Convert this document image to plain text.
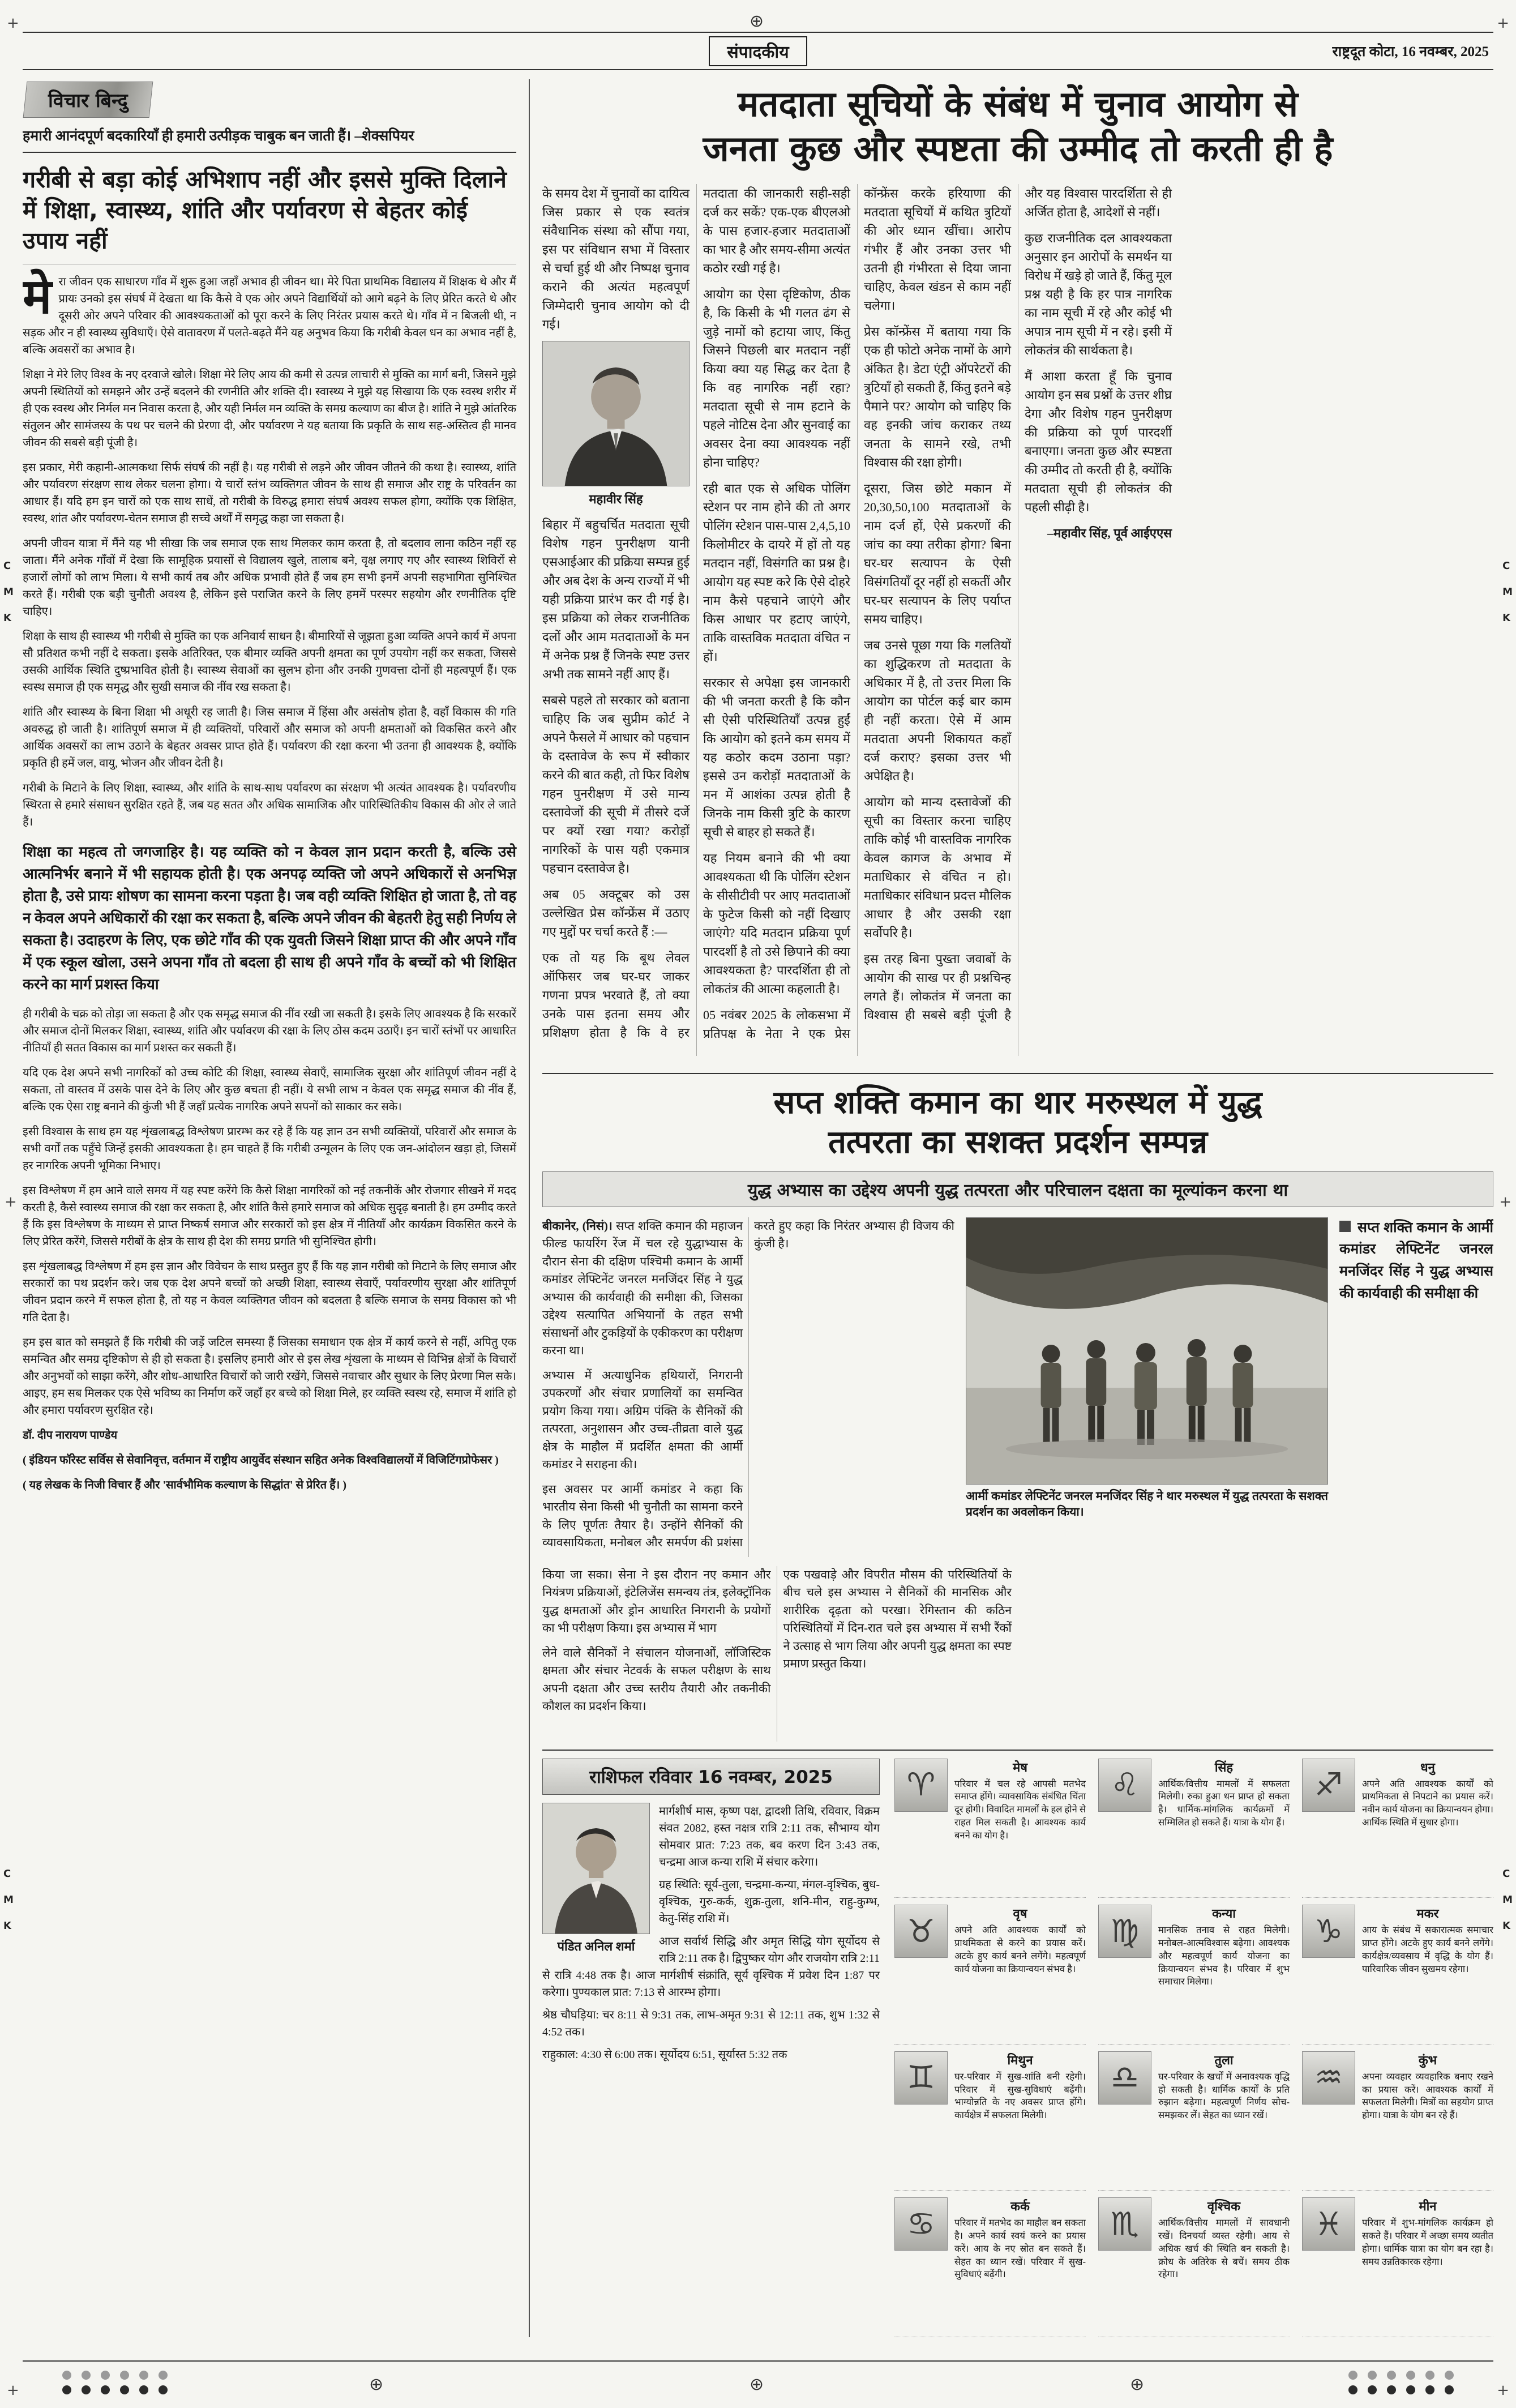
+	+
+	+
+	+
⊕
⊕	⊕	⊕
C
M
K
C
M
K
C
M
K
C
M
K
संपादकीय	राष्ट्रदूत कोटा, 16 नवम्बर, 2025
विचार बिन्दु

हमारी आनंदपूर्ण बदकारियाँ ही हमारी उत्पीड़क चाबुक बन जाती हैं। –शेक्सपियर

गरीबी से बड़ा कोई अभिशाप नहीं और इससे मुक्ति दिलाने में शिक्षा, स्वास्थ्य, शांति और पर्यावरण से बेहतर कोई उपाय नहीं

मेरा जीवन एक साधारण गाँव में शुरू हुआ जहाँ अभाव ही जीवन था। मेरे पिता प्राथमिक विद्यालय में शिक्षक थे और मैं प्रायः उनको इस संघर्ष में देखता था कि कैसे वे एक ओर अपने विद्यार्थियों को आगे बढ़ने के लिए प्रेरित करते थे और दूसरी ओर अपने परिवार की आवश्यकताओं को पूरा करने के लिए निरंतर प्रयास करते थे। गाँव में न बिजली थी, न सड़क और न ही स्वास्थ्य सुविधाएँ। ऐसे वातावरण में पलते-बढ़ते मैंने यह अनुभव किया कि गरीबी केवल धन का अभाव नहीं है, बल्कि अवसरों का अभाव है।

शिक्षा ने मेरे लिए विश्व के नए दरवाजे खोले। शिक्षा मेरे लिए आय की कमी से उत्पन्न लाचारी से मुक्ति का मार्ग बनी, जिसने मुझे अपनी स्थितियों को समझने और उन्हें बदलने की रणनीति और शक्ति दी। स्वास्थ्य ने मुझे यह सिखाया कि एक स्वस्थ शरीर में ही एक स्वस्थ और निर्मल मन निवास करता है, और यही निर्मल मन व्यक्ति के समग्र कल्याण का बीज है। शांति ने मुझे आंतरिक संतुलन और सामंजस्य के पथ पर चलने की प्रेरणा दी, और पर्यावरण ने यह बताया कि प्रकृति के साथ सह-अस्तित्व ही मानव जीवन की सबसे बड़ी पूंजी है।

इस प्रकार, मेरी कहानी-आत्मकथा सिर्फ संघर्ष की नहीं है। यह गरीबी से लड़ने और जीवन जीतने की कथा है। स्वास्थ्य, शांति और पर्यावरण संरक्षण साथ लेकर चलना होगा। ये चारों स्तंभ व्यक्तिगत जीवन के साथ ही समाज और राष्ट्र के परिवर्तन का आधार हैं। यदि हम इन चारों को एक साथ साधें, तो गरीबी के विरुद्ध हमारा संघर्ष अवश्य सफल होगा, क्योंकि एक शिक्षित, स्वस्थ, शांत और पर्यावरण-चेतन समाज ही सच्चे अर्थों में समृद्ध कहा जा सकता है।

अपनी जीवन यात्रा में मैंने यह भी सीखा कि जब समाज एक साथ मिलकर काम करता है, तो बदलाव लाना कठिन नहीं रह जाता। मैंने अनेक गाँवों में देखा कि सामूहिक प्रयासों से विद्यालय खुले, तालाब बने, वृक्ष लगाए गए और स्वास्थ्य शिविरों से हजारों लोगों को लाभ मिला। ये सभी कार्य तब और अधिक प्रभावी होते हैं जब हम सभी इनमें अपनी सहभागिता सुनिश्चित करते हैं। गरीबी एक बड़ी चुनौती अवश्य है, लेकिन इसे पराजित करने के लिए हममें परस्पर सहयोग और रणनीतिक दृष्टि चाहिए।

शिक्षा के साथ ही स्वास्थ्य भी गरीबी से मुक्ति का एक अनिवार्य साधन है। बीमारियों से जूझता हुआ व्यक्ति अपने कार्य में अपना सौ प्रतिशत कभी नहीं दे सकता। इसके अतिरिक्त, एक बीमार व्यक्ति अपनी क्षमता का पूर्ण उपयोग नहीं कर सकता, जिससे उसकी आर्थिक स्थिति दुष्प्रभावित होती है। स्वास्थ्य सेवाओं का सुलभ होना और उनकी गुणवत्ता दोनों ही महत्वपूर्ण हैं। एक स्वस्थ समाज ही एक समृद्ध और सुखी समाज की नींव रख सकता है।

शांति और स्वास्थ्य के बिना शिक्षा भी अधूरी रह जाती है। जिस समाज में हिंसा और असंतोष होता है, वहाँ विकास की गति अवरुद्ध हो जाती है। शांतिपूर्ण समाज में ही व्यक्तियों, परिवारों और समाज को अपनी क्षमताओं को विकसित करने और आर्थिक अवसरों का लाभ उठाने के बेहतर अवसर प्राप्त होते हैं। पर्यावरण की रक्षा करना भी उतना ही आवश्यक है, क्योंकि प्रकृति ही हमें जल, वायु, भोजन और जीवन देती है।

गरीबी के मिटाने के लिए शिक्षा, स्वास्थ्य, और शांति के साथ-साथ पर्यावरण का संरक्षण भी अत्यंत आवश्यक है। पर्यावरणीय स्थिरता से हमारे संसाधन सुरक्षित रहते हैं, जब यह सतत और अधिक सामाजिक और पारिस्थितिकीय विकास की ओर ले जाते हैं।

शिक्षा का महत्व तो जगजाहिर है। यह व्यक्ति को न केवल ज्ञान प्रदान करती है, बल्कि उसे आत्मनिर्भर बनाने में भी सहायक होती है। एक अनपढ़ व्यक्ति जो अपने अधिकारों से अनभिज्ञ होता है, उसे प्रायः शोषण का सामना करना पड़ता है। जब वही व्यक्ति शिक्षित हो जाता है, तो वह न केवल अपने अधिकारों की रक्षा कर सकता है, बल्कि अपने जीवन की बेहतरी हेतु सही निर्णय ले सकता है। उदाहरण के लिए, एक छोटे गाँव की एक युवती जिसने शिक्षा प्राप्त की और अपने गाँव में एक स्कूल खोला, उसने अपना गाँव तो बदला ही साथ ही अपने गाँव के बच्चों को भी शिक्षित करने का मार्ग प्रशस्त किया

ही गरीबी के चक्र को तोड़ा जा सकता है और एक समृद्ध समाज की नींव रखी जा सकती है। इसके लिए आवश्यक है कि सरकारें और समाज दोनों मिलकर शिक्षा, स्वास्थ्य, शांति और पर्यावरण की रक्षा के लिए ठोस कदम उठाएँ। इन चारों स्तंभों पर आधारित नीतियाँ ही सतत विकास का मार्ग प्रशस्त कर सकती हैं।

यदि एक देश अपने सभी नागरिकों को उच्च कोटि की शिक्षा, स्वास्थ्य सेवाएँ, सामाजिक सुरक्षा और शांतिपूर्ण जीवन नहीं दे सकता, तो वास्तव में उसके पास देने के लिए और कुछ बचता ही नहीं। ये सभी लाभ न केवल एक समृद्ध समाज की नींव हैं, बल्कि एक ऐसा राष्ट्र बनाने की कुंजी भी हैं जहाँ प्रत्येक नागरिक अपने सपनों को साकार कर सके।

इसी विश्वास के साथ हम यह शृंखलाबद्ध विश्लेषण प्रारम्भ कर रहे हैं कि यह ज्ञान उन सभी व्यक्तियों, परिवारों और समाज के सभी वर्गों तक पहुँचे जिन्हें इसकी आवश्यकता है। हम चाहते हैं कि गरीबी उन्मूलन के लिए एक जन-आंदोलन खड़ा हो, जिसमें हर नागरिक अपनी भूमिका निभाए।

इस विश्लेषण में हम आने वाले समय में यह स्पष्ट करेंगे कि कैसे शिक्षा नागरिकों को नई तकनीकें और रोजगार सीखने में मदद करती है, कैसे स्वास्थ्य समाज की रक्षा कर सकता है, और शांति कैसे हमारे समाज को अधिक सुदृढ़ बनाती है। हम उम्मीद करते हैं कि इस विश्लेषण के माध्यम से प्राप्त निष्कर्ष समाज और सरकारों को इस क्षेत्र में नीतियाँ और कार्यक्रम विकसित करने के लिए प्रेरित करेंगे, जिससे गरीबों के क्षेत्र के साथ ही देश की समग्र प्रगति भी सुनिश्चित होगी।

इस शृंखलाबद्ध विश्लेषण में हम इस ज्ञान और विवेचन के साथ प्रस्तुत हुए हैं कि यह ज्ञान गरीबी को मिटाने के लिए समाज और सरकारों का पथ प्रदर्शन करे। जब एक देश अपने बच्चों को अच्छी शिक्षा, स्वास्थ्य सेवाएँ, पर्यावरणीय सुरक्षा और शांतिपूर्ण जीवन प्रदान करने में सफल होता है, तो यह न केवल व्यक्तिगत जीवन को बदलता है बल्कि समाज के समग्र विकास को भी गति देता है।

हम इस बात को समझते हैं कि गरीबी की जड़ें जटिल समस्या हैं जिसका समाधान एक क्षेत्र में कार्य करने से नहीं, अपितु एक समन्वित और समग्र दृष्टिकोण से ही हो सकता है। इसलिए हमारी ओर से इस लेख शृंखला के माध्यम से विभिन्न क्षेत्रों के विचारों और अनुभवों को साझा करेंगे, और शोध-आधारित विचारों को जारी रखेंगे, जिससे नवाचार और सुधार के लिए प्रेरणा मिल सके। आइए, हम सब मिलकर एक ऐसे भविष्य का निर्माण करें जहाँ हर बच्चे को शिक्षा मिले, हर व्यक्ति स्वस्थ रहे, समाज में शांति हो और हमारा पर्यावरण सुरक्षित रहे।

डॉ. दीप नारायण पाण्डेय

( इंडियन फॉरेस्ट सर्विस से सेवानिवृत्त, वर्तमान में राष्ट्रीय आयुर्वेद संस्थान सहित अनेक विश्वविद्यालयों में विजिटिंगप्रोफेसर )

( यह लेखक के निजी विचार हैं और 'सार्वभौमिक कल्याण के सिद्धांत' से प्रेरित हैं। )

मतदाता सूचियों के संबंध में चुनाव आयोग से
जनता कुछ और स्पष्टता की उम्मीद तो करती ही है

के समय देश में चुनावों का दायित्व जिस प्रकार से एक स्वतंत्र संवैधानिक संस्था को सौंपा गया, इस पर संविधान सभा में विस्तार से चर्चा हुई थी और निष्पक्ष चुनाव कराने की अत्यंत महत्वपूर्ण जिम्मेदारी चुनाव आयोग को दी गई।

महावीर सिंह

बिहार में बहुचर्चित मतदाता सूची विशेष गहन पुनरीक्षण यानी एसआईआर की प्रक्रिया सम्पन्न हुई और अब देश के अन्य राज्यों में भी यही प्रक्रिया प्रारंभ कर दी गई है। इस प्रक्रिया को लेकर राजनीतिक दलों और आम मतदाताओं के मन में अनेक प्रश्न हैं जिनके स्पष्ट उत्तर अभी तक सामने नहीं आए हैं।

सबसे पहले तो सरकार को बताना चाहिए कि जब सुप्रीम कोर्ट ने अपने फैसले में आधार को पहचान के दस्तावेज के रूप में स्वीकार करने की बात कही, तो फिर विशेष गहन पुनरीक्षण में उसे मान्य दस्तावेजों की सूची में तीसरे दर्जे पर क्यों रखा गया? करोड़ों नागरिकों के पास यही एकमात्र पहचान दस्तावेज है।

अब 05 अक्टूबर को उस उल्लेखित प्रेस कॉन्फ्रेंस में उठाए गए मुद्दों पर चर्चा करते हैं :—

एक तो यह कि बूथ लेवल ऑफिसर जब घर-घर जाकर गणना प्रपत्र भरवाते हैं, तो क्या उनके पास इतना समय और प्रशिक्षण होता है कि वे हर मतदाता की जानकारी सही-सही दर्ज कर सकें? एक-एक बीएलओ के पास हजार-हजार मतदाताओं का भार है और समय-सीमा अत्यंत कठोर रखी गई है।

आयोग का ऐसा दृष्टिकोण, ठीक है, कि किसी के भी गलत ढंग से जुड़े नामों को हटाया जाए, किंतु जिसने पिछली बार मतदान नहीं किया क्या यह सिद्ध कर देता है कि वह नागरिक नहीं रहा? मतदाता सूची से नाम हटाने के पहले नोटिस देना और सुनवाई का अवसर देना क्या आवश्यक नहीं होना चाहिए?

रही बात एक से अधिक पोलिंग स्टेशन पर नाम होने की तो अगर पोलिंग स्टेशन पास-पास 2,4,5,10 किलोमीटर के दायरे में हों तो यह मतदान नहीं, विसंगति का प्रश्न है। आयोग यह स्पष्ट करे कि ऐसे दोहरे नाम कैसे पहचाने जाएंगे और किस आधार पर हटाए जाएंगे, ताकि वास्तविक मतदाता वंचित न हों।

सरकार से अपेक्षा इस जानकारी की भी जनता करती है कि कौन सी ऐसी परिस्थितियाँ उत्पन्न हुईं कि आयोग को इतने कम समय में यह कठोर कदम उठाना पड़ा? इससे उन करोड़ों मतदाताओं के मन में आशंका उत्पन्न होती है जिनके नाम किसी त्रुटि के कारण सूची से बाहर हो सकते हैं।

यह नियम बनाने की भी क्या आवश्यकता थी कि पोलिंग स्टेशन के सीसीटीवी पर आए मतदाताओं के फुटेज किसी को नहीं दिखाए जाएंगे? यदि मतदान प्रक्रिया पूर्ण पारदर्शी है तो उसे छिपाने की क्या आवश्यकता है? पारदर्शिता ही तो लोकतंत्र की आत्मा कहलाती है।

05 नवंबर 2025 के लोकसभा में प्रतिपक्ष के नेता ने एक प्रेस कॉन्फ्रेंस करके हरियाणा की मतदाता सूचियों में कथित त्रुटियों की ओर ध्यान खींचा। आरोप गंभीर हैं और उनका उत्तर भी उतनी ही गंभीरता से दिया जाना चाहिए, केवल खंडन से काम नहीं चलेगा।

प्रेस कॉन्फ्रेंस में बताया गया कि एक ही फोटो अनेक नामों के आगे अंकित है। डेटा एंट्री ऑपरेटरों की त्रुटियाँ हो सकती हैं, किंतु इतने बड़े पैमाने पर? आयोग को चाहिए कि वह इनकी जांच कराकर तथ्य जनता के सामने रखे, तभी विश्वास की रक्षा होगी।

दूसरा, जिस छोटे मकान में 20,30,50,100 मतदाताओं के नाम दर्ज हों, ऐसे प्रकरणों की जांच का क्या तरीका होगा? बिना घर-घर सत्यापन के ऐसी विसंगतियाँ दूर नहीं हो सकतीं और घर-घर सत्यापन के लिए पर्याप्त समय चाहिए।

जब उनसे पूछा गया कि गलतियों का शुद्धिकरण तो मतदाता के अधिकार में है, तो उत्तर मिला कि आयोग का पोर्टल कई बार काम ही नहीं करता। ऐसे में आम मतदाता अपनी शिकायत कहाँ दर्ज कराए? इसका उत्तर भी अपेक्षित है।

आयोग को मान्य दस्तावेजों की सूची का विस्तार करना चाहिए ताकि कोई भी वास्तविक नागरिक केवल कागज के अभाव में मताधिकार से वंचित न हो। मताधिकार संविधान प्रदत्त मौलिक आधार है और उसकी रक्षा सर्वोपरि है।

इस तरह बिना पुख्ता जवाबों के आयोग की साख पर ही प्रश्नचिन्ह लगते हैं। लोकतंत्र में जनता का विश्वास ही सबसे बड़ी पूंजी है और यह विश्वास पारदर्शिता से ही अर्जित होता है, आदेशों से नहीं।

कुछ राजनीतिक दल आवश्यकता अनुसार इन आरोपों के समर्थन या विरोध में खड़े हो जाते हैं, किंतु मूल प्रश्न यही है कि हर पात्र नागरिक का नाम सूची में रहे और कोई भी अपात्र नाम सूची में न रहे। इसी में लोकतंत्र की सार्थकता है।

मैं आशा करता हूँ कि चुनाव आयोग इन सब प्रश्नों के उत्तर शीघ्र देगा और विशेष गहन पुनरीक्षण की प्रक्रिया को पूर्ण पारदर्शी बनाएगा। जनता कुछ और स्पष्टता की उम्मीद तो करती ही है, क्योंकि मतदाता सूची ही लोकतंत्र की पहली सीढ़ी है।

–महावीर सिंह, पूर्व आईएएस

सप्त शक्ति कमान का थार मरुस्थल में युद्ध
तत्परता का सशक्त प्रदर्शन सम्पन्न
युद्ध अभ्यास का उद्देश्य अपनी युद्ध तत्परता और परिचालन दक्षता का मूल्यांकन करना था

बीकानेर, (निसं)। सप्त शक्ति कमान की महाजन फील्ड फायरिंग रेंज में चल रहे युद्धाभ्यास के दौरान सेना की दक्षिण पश्चिमी कमान के आर्मी कमांडर लेफ्टिनेंट जनरल मनजिंदर सिंह ने युद्ध अभ्यास की कार्यवाही की समीक्षा की, जिसका उद्देश्य सत्यापित अभियानों के तहत सभी संसाधनों और टुकड़ियों के एकीकरण का परीक्षण करना था।

अभ्यास में अत्याधुनिक हथियारों, निगरानी उपकरणों और संचार प्रणालियों का समन्वित प्रयोग किया गया। अग्रिम पंक्ति के सैनिकों की तत्परता, अनुशासन और उच्च-तीव्रता वाले युद्ध क्षेत्र के माहौल में प्रदर्शित क्षमता की आर्मी कमांडर ने सराहना की।

इस अवसर पर आर्मी कमांडर ने कहा कि भारतीय सेना किसी भी चुनौती का सामना करने के लिए पूर्णतः तैयार है। उन्होंने सैनिकों की व्यावसायिकता, मनोबल और समर्पण की प्रशंसा करते हुए कहा कि निरंतर अभ्यास ही विजय की कुंजी है।

आर्मी कमांडर लेफ्टिनेंट जनरल मनजिंदर सिंह ने थार मरुस्थल में युद्ध तत्परता के सशक्त प्रदर्शन का अवलोकन किया।
सप्त शक्ति कमान के आर्मी कमांडर लेफ्टिनेंट जनरल मनजिंदर सिंह ने युद्ध अभ्यास की कार्यवाही की समीक्षा की

किया जा सका। सेना ने इस दौरान नए कमान और नियंत्रण प्रक्रियाओं, इंटेलिजेंस समन्वय तंत्र, इलेक्ट्रॉनिक युद्ध क्षमताओं और ड्रोन आधारित निगरानी के प्रयोगों का भी परीक्षण किया। इस अभ्यास में भाग

लेने वाले सैनिकों ने संचालन योजनाओं, लॉजिस्टिक क्षमता और संचार नेटवर्क के सफल परीक्षण के साथ अपनी दक्षता और उच्च स्तरीय तैयारी और तकनीकी कौशल का प्रदर्शन किया।

एक पखवाड़े और विपरीत मौसम की परिस्थितियों के बीच चले इस अभ्यास ने सैनिकों की मानसिक और शारीरिक दृढ़ता को परखा। रेगिस्तान की कठिन परिस्थितियों में दिन-रात चले इस अभ्यास में सभी रैंकों ने उत्साह से भाग लिया और अपनी युद्ध क्षमता का स्पष्ट प्रमाण प्रस्तुत किया।

राशिफल रविवार 16 नवम्बर, 2025
पंडित अनिल शर्मा

मार्गशीर्ष मास, कृष्ण पक्ष, द्वादशी तिथि, रविवार, विक्रम संवत 2082, हस्त नक्षत्र रात्रि 2:11 तक, सौभाग्य योग सोमवार प्रात: 7:23 तक, बव करण दिन 3:43 तक, चन्द्रमा आज कन्या राशि में संचार करेगा।

ग्रह स्थिति: सूर्य-तुला, चन्द्रमा-कन्या, मंगल-वृश्चिक, बुध-वृश्चिक, गुरु-कर्क, शुक्र-तुला, शनि-मीन, राहु-कुम्भ, केतु-सिंह राशि में।

आज सर्वार्थ सिद्धि और अमृत सिद्धि योग सूर्योदय से रात्रि 2:11 तक है। द्विपुष्कर योग और राजयोग रात्रि 2:11 से रात्रि 4:48 तक है। आज मार्गशीर्ष संक्रांति, सूर्य वृश्चिक में प्रवेश दिन 1:87 पर करेगा। पुण्यकाल प्रात: 7:13 से आरम्भ होगा।

श्रेष्ठ चौघड़िया: चर 8:11 से 9:31 तक, लाभ-अमृत 9:31 से 12:11 तक, शुभ 1:32 से 4:52 तक।

राहुकाल: 4:30 से 6:00 तक। सूर्योदय 6:51, सूर्यास्त 5:32 तक

♈	मेष
परिवार में चल रहे आपसी मतभेद समाप्त होंगे। व्यावसायिक संबंधित चिंता दूर होगी। विवादित मामलों के हल होने से राहत मिल सकती है। आवश्यक कार्य बनने का योग है।
♉	वृष
अपने अति आवश्यक कार्यों को प्राथमिकता से करने का प्रयास करें। अटके हुए कार्य बनने लगेंगे। महत्वपूर्ण कार्य योजना का क्रियान्वयन संभव है।
♊	मिथुन
घर-परिवार में सुख-शांति बनी रहेगी। परिवार में सुख-सुविधाएं बढ़ेंगी। भाग्योन्नति के नए अवसर प्राप्त होंगे। कार्यक्षेत्र में सफलता मिलेगी।
♋	कर्क
परिवार में मतभेद का माहौल बन सकता है। अपने कार्य स्वयं करने का प्रयास करें। आय के नए स्रोत बन सकते हैं। सेहत का ध्यान रखें। परिवार में सुख-सुविधाएं बढ़ेंगी।
♌	सिंह
आर्थिक/वित्तीय मामलों में सफलता मिलेगी। रुका हुआ धन प्राप्त हो सकता है। धार्मिक-मांगलिक कार्यक्रमों में सम्मिलित हो सकते हैं। यात्रा के योग हैं।
♍	कन्या
मानसिक तनाव से राहत मिलेगी। मनोबल-आत्मविश्वास बढ़ेगा। आवश्यक और महत्वपूर्ण कार्य योजना का क्रियान्वयन संभव है। परिवार में शुभ समाचार मिलेगा।
♎	तुला
घर-परिवार के खर्चों में अनावश्यक वृद्धि हो सकती है। धार्मिक कार्यों के प्रति रुझान बढ़ेगा। महत्वपूर्ण निर्णय सोच-समझकर लें। सेहत का ध्यान रखें।
♏	वृश्चिक
आर्थिक/वित्तीय मामलों में सावधानी रखें। दिनचर्या व्यस्त रहेगी। आय से अधिक खर्च की स्थिति बन सकती है। क्रोध के अतिरेक से बचें। समय ठीक रहेगा।
♐	धनु
अपने अति आवश्यक कार्यों को प्राथमिकता से निपटाने का प्रयास करें। नवीन कार्य योजना का क्रियान्वयन होगा। आर्थिक स्थिति में सुधार होगा।
♑	मकर
आय के संबंध में सकारात्मक समाचार प्राप्त होंगे। अटके हुए कार्य बनने लगेंगे। कार्यक्षेत्र/व्यवसाय में वृद्धि के योग हैं। पारिवारिक जीवन सुखमय रहेगा।
♒	कुंभ
अपना व्यवहार व्यवहारिक बनाए रखने का प्रयास करें। आवश्यक कार्यों में सफलता मिलेगी। मित्रों का सहयोग प्राप्त होगा। यात्रा के योग बन रहे हैं।
♓	मीन
परिवार में शुभ-मांगलिक कार्यक्रम हो सकते हैं। परिवार में अच्छा समय व्यतीत होगा। धार्मिक यात्रा का योग बन रहा है। समय उन्नतिकारक रहेगा।
